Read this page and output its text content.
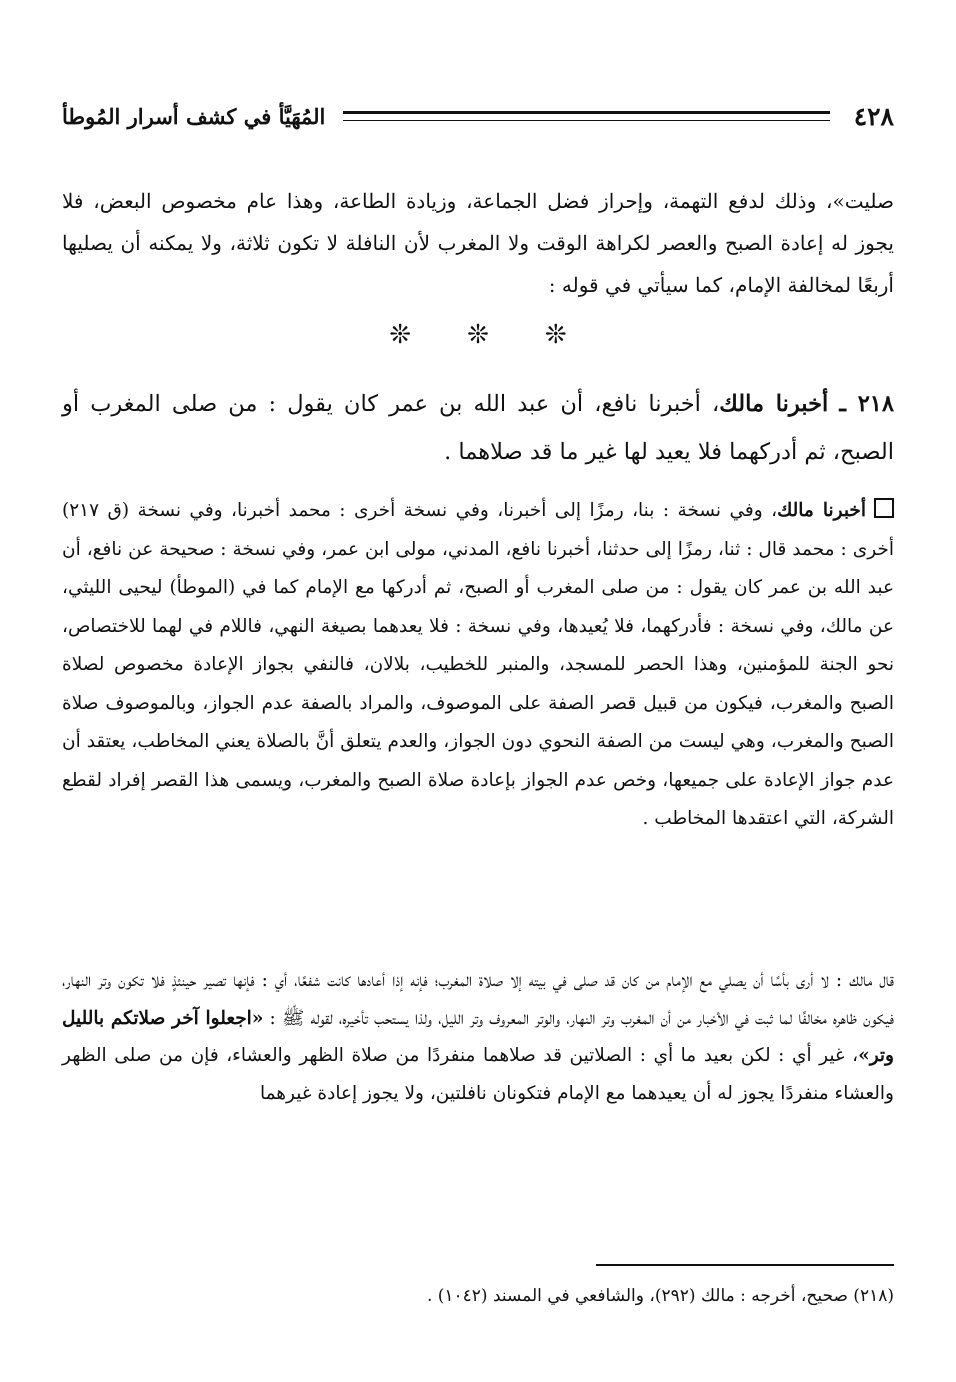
٤٢٨
المُهَيَّأ في كشف أسرار المُوطأ

صليت»، وذلك لدفع التهمة، وإحراز فضل الجماعة، وزيادة الطاعة، وهذا عام مخصوص البعض، فلا يجوز له إعادة الصبح والعصر لكراهة الوقت ولا المغرب لأن النافلة لا تكون ثلاثة، ولا يمكنه أن يصليها أربعًا لمخالفة الإمام، كما سيأتي في قوله :

❊ ❊ ❊

٢١٨ ـ أخبرنا مالك، أخبرنا نافع، أن عبد الله بن عمر كان يقول : من صلى المغرب أو الصبح، ثم أدركهما فلا يعيد لها غير ما قد صلاهما .

أخبرنا مالك، وفي نسخة : بنا، رمزًا إلى أخبرنا، وفي نسخة أخرى : محمد أخبرنا، وفي نسخة (ق ٢١٧) أخرى : محمد قال : ثنا، رمزًا إلى حدثنا، أخبرنا نافع، المدني، مولى ابن عمر، وفي نسخة : صحيحة عن نافع، أن عبد الله بن عمر كان يقول : من صلى المغرب أو الصبح، ثم أدركها مع الإمام كما في (الموطأ) ليحيى الليثي، عن مالك، وفي نسخة : فأدركهما، فلا يُعيدها، وفي نسخة : فلا يعدهما بصيغة النهي، فاللام في لهما للاختصاص، نحو الجنة للمؤمنين، وهذا الحصر للمسجد، والمنبر للخطيب، بلالان، فالنفي بجواز الإعادة مخصوص لصلاة الصبح والمغرب، فيكون من قبيل قصر الصفة على الموصوف، والمراد بالصفة عدم الجواز، وبالموصوف صلاة الصبح والمغرب، وهي ليست من الصفة النحوي دون الجواز، والعدم يتعلق أنَّ بالصلاة يعني المخاطب، يعتقد أن عدم جواز الإعادة على جميعها، وخص عدم الجواز بإعادة صلاة الصبح والمغرب، ويسمى هذا القصر إفراد لقطع الشركة، التي اعتقدها المخاطب .

قال مالك : لا أرى بأسًا أن يصلي مع الإمام من كان قد صلى في بيته إلا صلاة المغرب؛ فإنه إذا أعادها كانت شفعًا، أي : فإنها تصير حينئذٍ فلا تكون وتر النهار، فيكون ظاهره مخالفًا لما ثبت في الأخبار من أن المغرب وتر النهار، والوتر المعروف وتر الليل، ولذا يستحب تأخيره، لقوله ﷺ : «اجعلوا آخر صلاتكم بالليل وتر»، غير أي : لكن بعيد ما أي : الصلاتين قد صلاهما منفردًا من صلاة الظهر والعشاء، فإن من صلى الظهر والعشاء منفردًا يجوز له أن يعيدهما مع الإمام فتكونان نافلتين، ولا يجوز إعادة غيرهما

(٢١٨) صحيح، أخرجه : مالك (٢٩٢)، والشافعي في المسند (١٠٤٢) .
